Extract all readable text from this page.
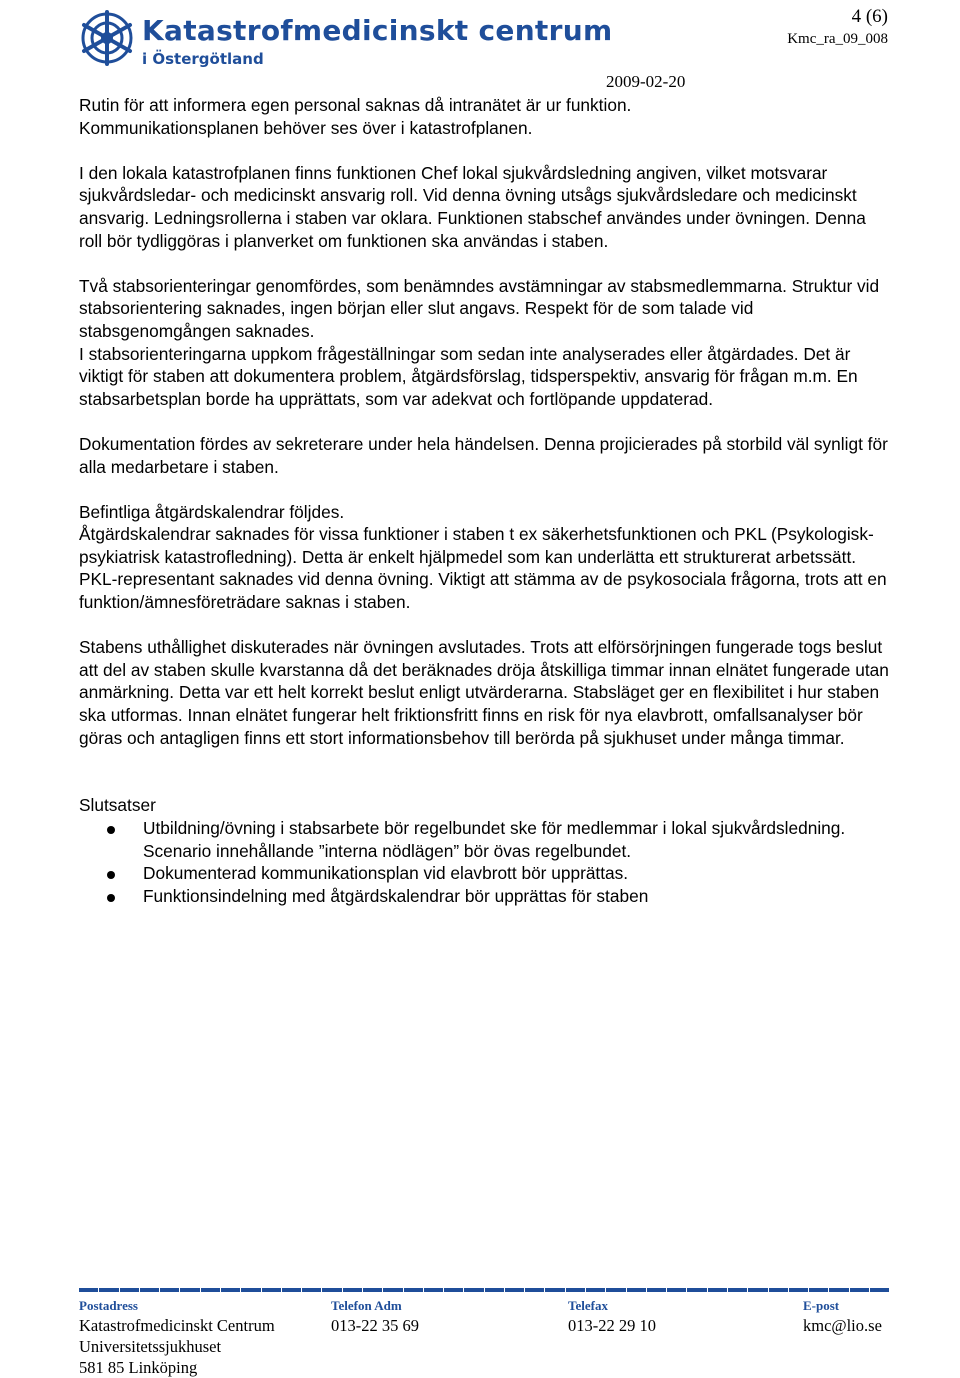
Katastrofmedicinskt centrum
i Östergötland
4 (6)
Kmc_ra_09_008
2009-02-20
Rutin för att informera egen personal saknas då intranätet är ur funktion.
Kommunikationsplanen behöver ses över i katastrofplanen.

I den lokala katastrofplanen finns funktionen Chef lokal sjukvårdsledning angiven, vilket motsvarar sjukvårdsledar- och medicinskt ansvarig roll. Vid denna övning utsågs sjukvårdsledare och medicinskt ansvarig. Ledningsrollerna i staben var oklara. Funktionen stabschef användes under övningen. Denna roll bör tydliggöras i planverket om funktionen ska användas i staben.

Två stabsorienteringar genomfördes, som benämndes avstämningar av stabsmedlemmarna. Struktur vid stabsorientering saknades, ingen början eller slut angavs. Respekt för de som talade vid stabsgenomgången saknades.
I stabsorienteringarna uppkom frågeställningar som sedan inte analyserades eller åtgärdades. Det är viktigt för staben att dokumentera problem, åtgärdsförslag, tidsperspektiv, ansvarig för frågan m.m. En stabsarbetsplan borde ha upprättats, som var adekvat och fortlöpande uppdaterad.

Dokumentation fördes av sekreterare under hela händelsen. Denna projicierades på storbild väl synligt för alla medarbetare i staben.

Befintliga åtgärdskalendrar följdes.
Åtgärdskalendrar saknades för vissa funktioner i staben t ex säkerhetsfunktionen och PKL (Psykologisk-psykiatrisk katastrofledning). Detta är enkelt hjälpmedel som kan underlätta ett strukturerat arbetssätt.
PKL-representant saknades vid denna övning. Viktigt att stämma av de psykosociala frågorna, trots att en funktion/ämnesföreträdare saknas i staben.

Stabens uthållighet diskuterades när övningen avslutades. Trots att elförsörjningen fungerade togs beslut att del av staben skulle kvarstanna då det beräknades dröja åtskilliga timmar innan elnätet fungerade utan anmärkning. Detta var ett helt korrekt beslut enligt utvärderarna. Stabsläget ger en flexibilitet i hur staben ska utformas. Innan elnätet fungerar helt friktionsfritt finns en risk för nya elavbrott, omfallsanalyser bör göras och antagligen finns ett stort informationsbehov till berörda på sjukhuset under många timmar.

Slutsatser
Utbildning/övning i stabsarbete bör regelbundet ske för medlemmar i lokal sjukvårdsledning. Scenario innehållande ”interna nödlägen” bör övas regelbundet.
Dokumenterad kommunikationsplan vid elavbrott bör upprättas.
Funktionsindelning med åtgärdskalendrar bör upprättas för staben
Postadress
Katastrofmedicinskt Centrum
Universitetssjukhuset
581 85 Linköping
Telefon Adm
013-22 35 69
Telefax
013-22 29 10
E-post
kmc@lio.se
